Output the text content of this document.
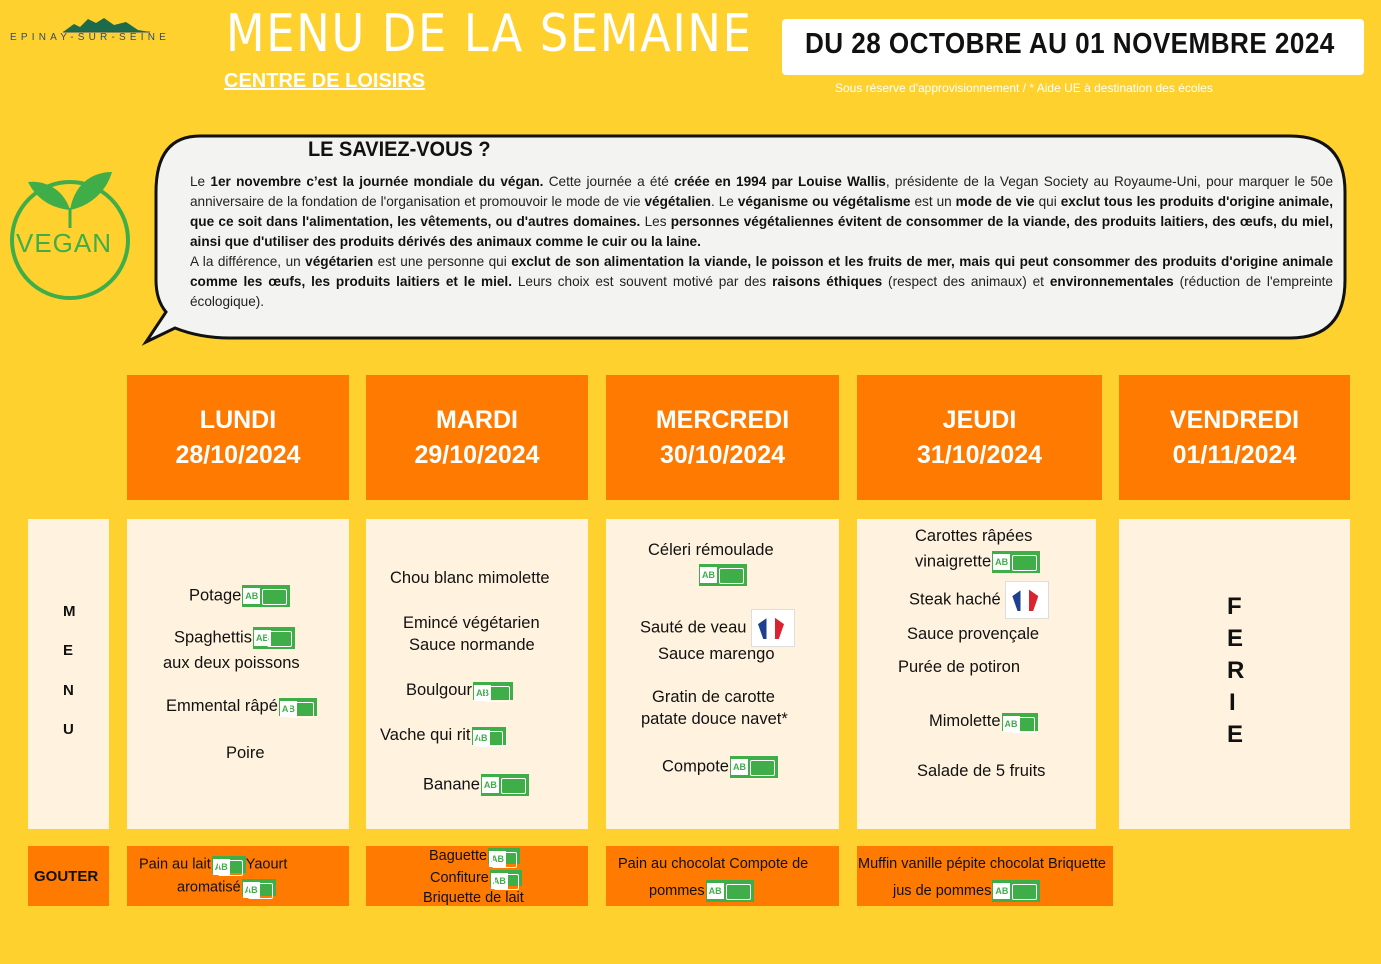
EPINAY-SUR-SEINE MENU DE LA SEMAINE
CENTRE DE LOISIRS
DU 28 OCTOBRE AU 01 NOVEMBRE 2024
Sous réserve d'approvisionnement / * Aide UE à destination des écoles
VEGAN
LE SAVIEZ-VOUS ?
Le 1er novembre c’est la journée mondiale du végan. Cette journée a été créée en 1994 par Louise Wallis, présidente de la Vegan Society au Royaume-Uni, pour marquer le 50e anniversaire de la fondation de l'organisation et promouvoir le mode de vie végétalien. Le véganisme ou végétalisme est un mode de vie qui exclut tous les produits d'origine animale, que ce soit dans l'alimentation, les vêtements, ou d'autres domaines. Les personnes végétaliennes évitent de consommer de la viande, des produits laitiers, des œufs, du miel, ainsi que d'utiliser des produits dérivés des animaux comme le cuir ou la laine.
A la différence, un végétarien est une personne qui exclut de son alimentation la viande, le poisson et les fruits de mer, mais qui peut consommer des produits d'origine animale comme les œufs, les produits laitiers et le miel. Leurs choix est souvent motivé par des raisons éthiques (respect des animaux) et environnementales (réduction de l'empreinte écologique).
LUNDI
28/10/2024
MARDI
29/10/2024
MERCREDI
30/10/2024
JEUDI
31/10/2024
VENDREDI
01/11/2024
M
E
N
U
PotageAB
SpaghettisAB
aux deux poissons
Emmental râpéAB
Poire
Chou blanc mimolette
Emincé végétarien
Sauce normande
BoulgourAB
Vache qui ritAB
BananeAB
Céleri rémoulade
AB
Sauté de veau
Sauce marengo
Gratin de carotte
patate douce navet*
CompoteAB
Carottes râpées
vinaigretteAB
Steak haché
Sauce provençale
Purée de potiron
MimoletteAB
Salade de 5 fruits
F
E
R
I
E
GOUTER
Pain au laitAB Yaourt
aromatiséAB
BaguetteAB
ConfitureAB
Briquette de lait
Pain au chocolat Compote de
pommesAB
Muffin vanille pépite chocolat Briquette
jus de pommesAB
